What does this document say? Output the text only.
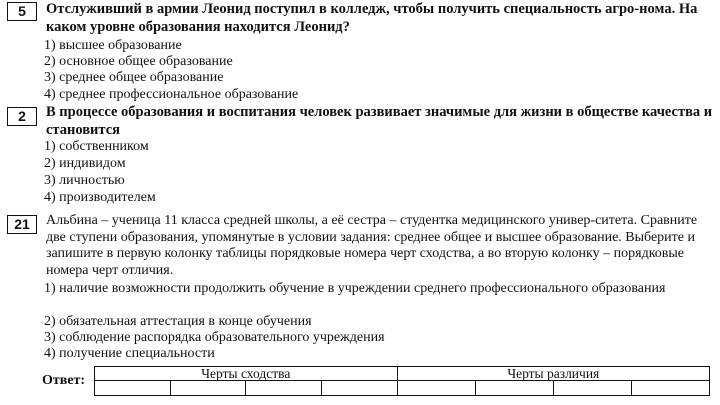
5	Отслуживший в армии Леонид поступил в колледж, чтобы получить специальность агро-номa. На каком уровне образования находится Леонид?

1) высшее образование
2) основное общее образование
3) среднее общее образование
4) среднее профессиональное образование
2	В процессе образования и воспитания человек развивает значимые для жизни в обществе качества и становится

1) собственником
2) индивидом
3) личностью
4) производителем
21	Альбина – ученица 11 класса средней школы, а её сестра – студентка медицинского универ-ситета. Сравните две ступени образования, упомянутые в условии задания: среднее общее и высшее образование. Выберите и запишите в первую колонку таблицы порядковые номера черт сходства, а во вторую колонку – порядковые номера черт отличия.

1) наличие возможности продолжить обучение в учреждении среднего профессионального образования
2) обязательная аттестация в конце обучения
3) соблюдение распорядка образовательного учреждения
4) получение специальности
Ответ:	Черты сходства				Черты различия			
